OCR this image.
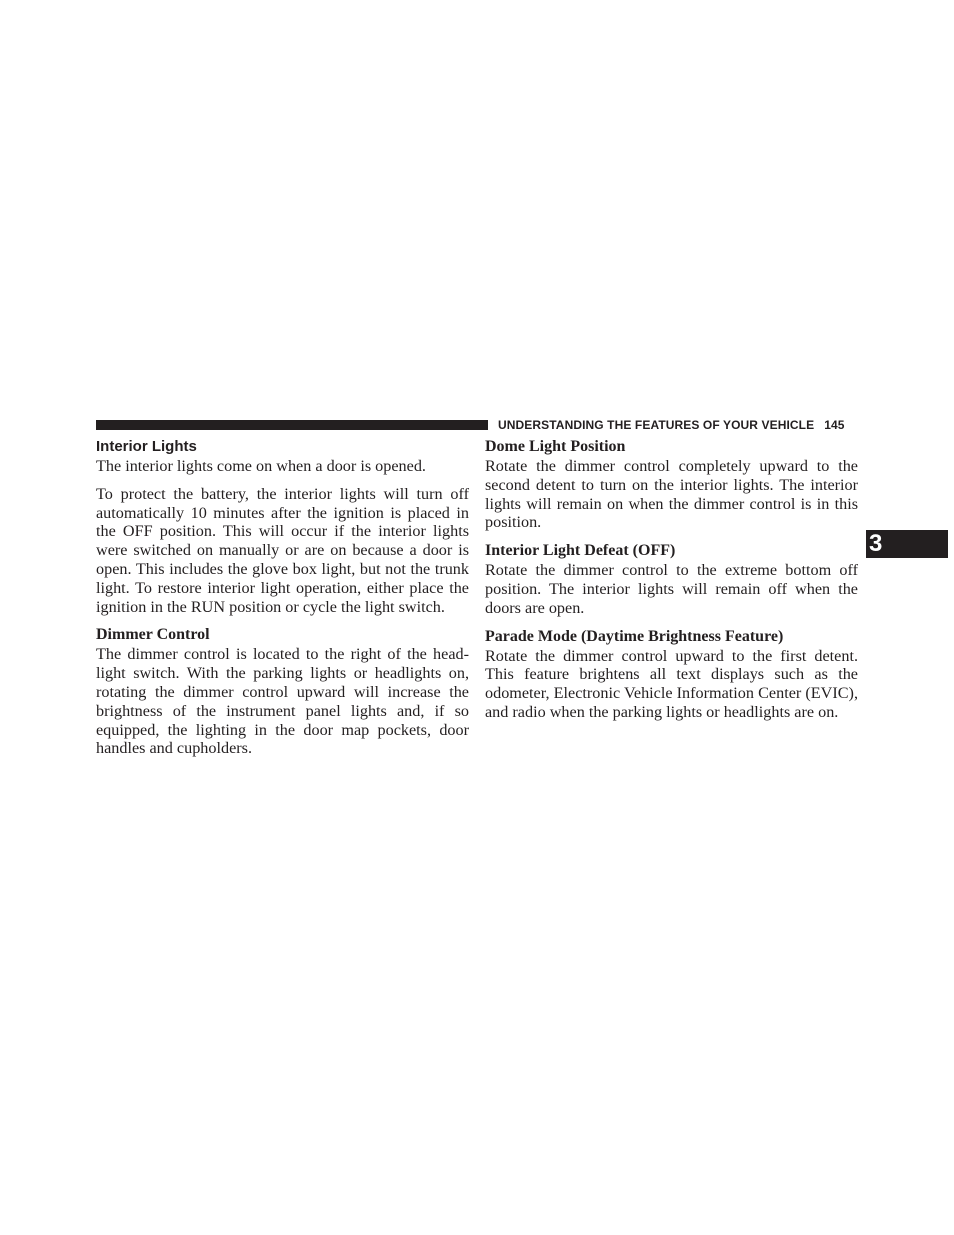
UNDERSTANDING THE FEATURES OF YOUR VEHICLE 145
3
Interior Lights

The interior lights come on when a door is opened.

To protect the battery, the interior lights will turn off automatically 10 minutes after the ignition is placed in the OFF position. This will occur if the interior lights were switched on manually or are on because a door is open. This includes the glove box light, but not the trunk light. To restore interior light operation, either place the ignition in the RUN position or cycle the light switch.

Dimmer Control

The dimmer control is located to the right of the head-light switch. With the parking lights or headlights on, rotating the dimmer control upward will increase the brightness of the instrument panel lights and, if so equipped, the lighting in the door map pockets, door handles and cupholders.

Dome Light Position

Rotate the dimmer control completely upward to the second detent to turn on the interior lights. The interior lights will remain on when the dimmer control is in this position.

Interior Light Defeat (OFF)

Rotate the dimmer control to the extreme bottom off position. The interior lights will remain off when the doors are open.

Parade Mode (Daytime Brightness Feature)

Rotate the dimmer control upward to the first detent. This feature brightens all text displays such as the odometer, Electronic Vehicle Information Center (EVIC), and radio when the parking lights or headlights are on.
